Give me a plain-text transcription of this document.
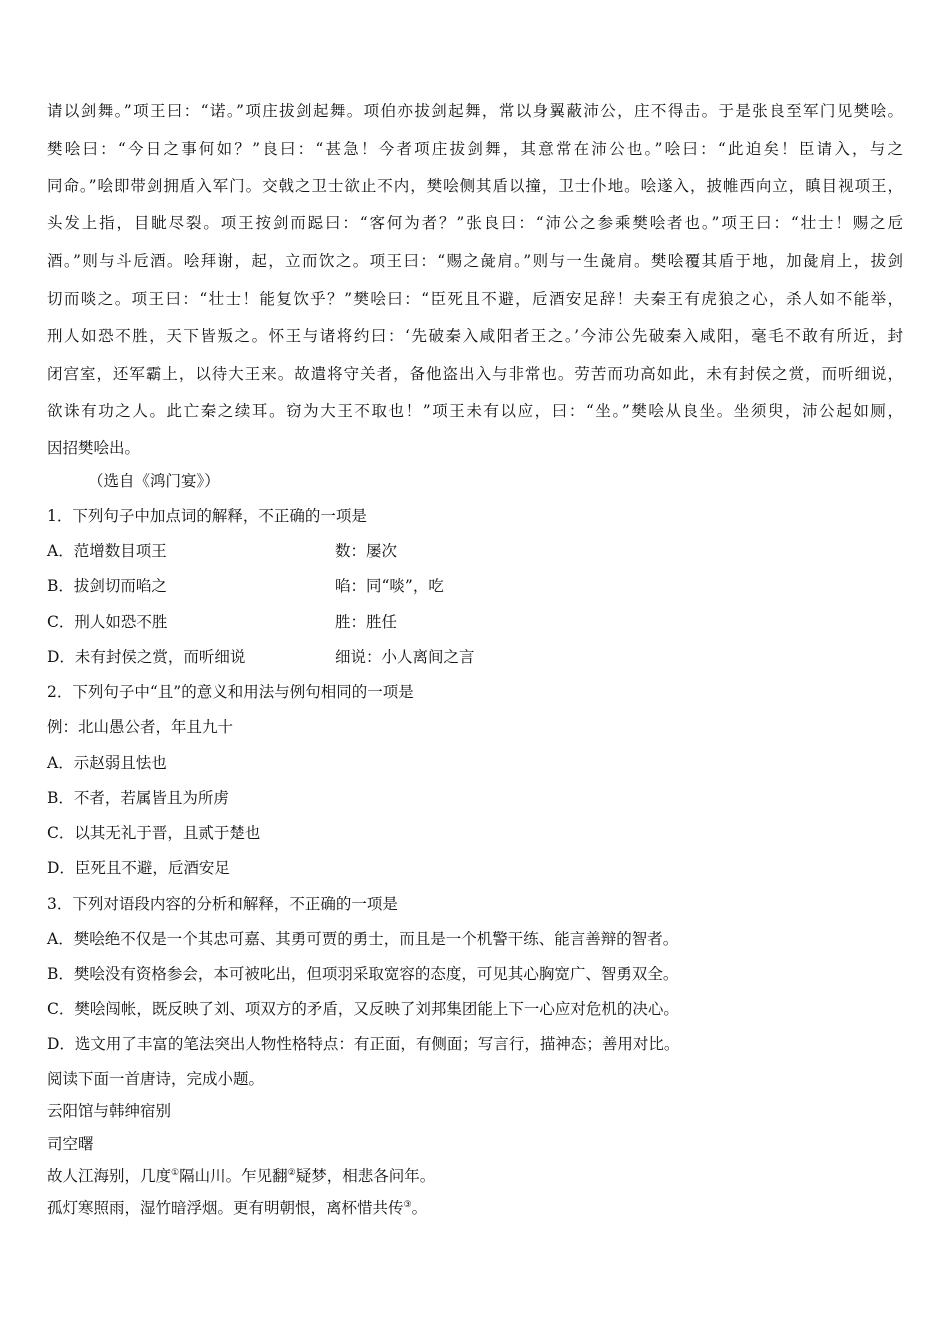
请以剑舞。”项王曰：“诺。”项庄拔剑起舞。项伯亦拔剑起舞，常以身翼蔽沛公，庄不得击。于是张良至军门见樊哙。
樊哙曰：“今日之事何如？”良曰：“甚急！今者项庄拔剑舞，其意常在沛公也。”哙曰：“此迫矣！臣请入，与之
同命。”哙即带剑拥盾入军门。交戟之卫士欲止不内，樊哙侧其盾以撞，卫士仆地。哙遂入，披帷西向立，瞋目视项王，
头发上指，目眦尽裂。项王按剑而跽曰：“客何为者？”张良曰：“沛公之参乘樊哙者也。”项王曰：“壮士！赐之卮
酒。”则与斗卮酒。哙拜谢，起，立而饮之。项王曰：“赐之彘肩。”则与一生彘肩。樊哙覆其盾于地，加彘肩上，拔剑
切而啖之。项王曰：“壮士！能复饮乎？”樊哙曰：“臣死且不避，卮酒安足辞！夫秦王有虎狼之心，杀人如不能举，
刑人如恐不胜，天下皆叛之。怀王与诸将约曰：‘先破秦入咸阳者王之。’今沛公先破秦入咸阳，毫毛不敢有所近，封
闭宫室，还军霸上，以待大王来。故遣将守关者，备他盗出入与非常也。劳苦而功高如此，未有封侯之赏，而听细说，
欲诛有功之人。此亡秦之续耳。窃为大王不取也！”项王未有以应，曰：“坐。”樊哙从良坐。坐须臾，沛公起如厕，
因招樊哙出。
（选自《鸿门宴》）
1．下列句子中加点词的解释，不正确的一项是
A．范增数目项王	数：屡次
B．拔剑切而啗之	啗：同“啖”，吃
C．刑人如恐不胜	胜：胜任
D．未有封侯之赏，而听细说	细说：小人离间之言
2．下列句子中“且”的意义和用法与例句相同的一项是
例：北山愚公者，年且九十
A．示赵弱且怯也
B．不者，若属皆且为所虏
C．以其无礼于晋，且贰于楚也
D．臣死且不避，卮酒安足
3．下列对语段内容的分析和解释，不正确的一项是
A．樊哙绝不仅是一个其忠可嘉、其勇可贾的勇士，而且是一个机警干练、能言善辩的智者。
B．樊哙没有资格参会，本可被叱出，但项羽采取宽容的态度，可见其心胸宽广、智勇双全。
C．樊哙闯帐，既反映了刘、项双方的矛盾，又反映了刘邦集团能上下一心应对危机的决心。
D．选文用了丰富的笔法突出人物性格特点：有正面，有侧面；写言行，描神态；善用对比。
阅读下面一首唐诗，完成小题。
云阳馆与韩绅宿别
司空曙
故人江海别，几度①隔山川。乍见翻②疑梦，相悲各问年。
孤灯寒照雨，湿竹暗浮烟。更有明朝恨，离杯惜共传③。
